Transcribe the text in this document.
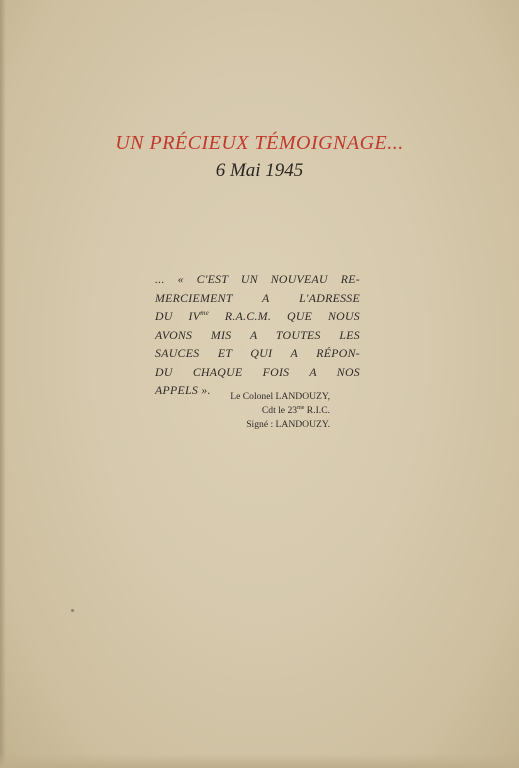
UN PRÉCIEUX TÉMOIGNAGE...
6 Mai 1945
... « C'EST UN NOUVEAU RE-
MERCIEMENT A L'ADRESSE
DU $IV^{me}$ R.A.C.M. QUE NOUS
AVONS MIS A TOUTES LES
SAUCES ET QUI A RÉPON-
DU CHAQUE FOIS A NOS
APPELS ».	Le Colonel LANDOUZY,
Cdt le $23^{me}$ R.I.C.
Signé : LANDOUZY.
